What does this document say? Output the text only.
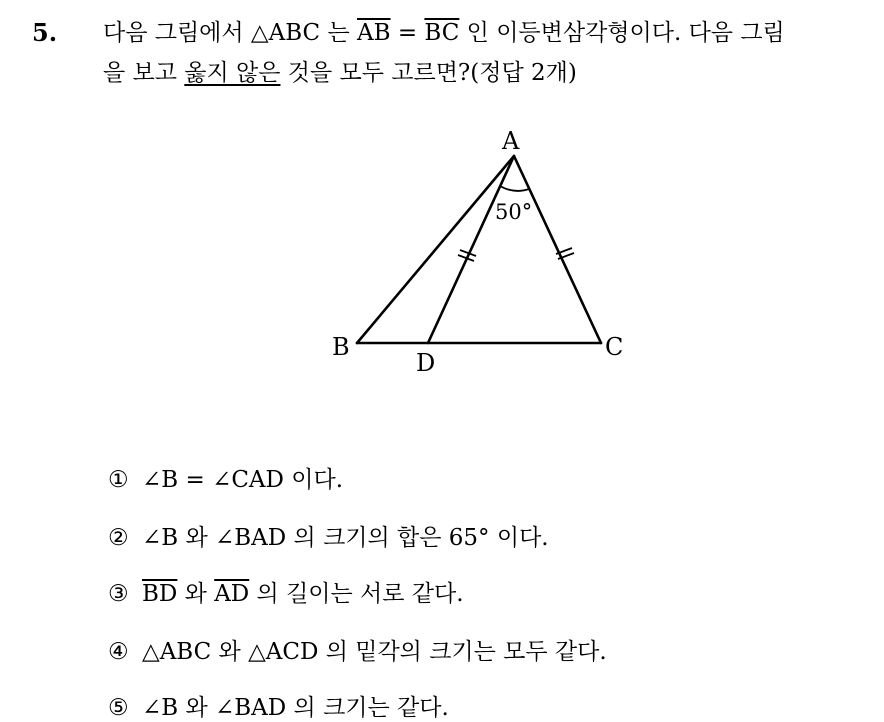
5. 다음 그림에서 △ABC 는 $\overline{AB} = \overline{BC}$ 인 이등변삼각형이다. 다음 그림
을 보고 옳지 않은 것을 모두 고르면?(정답 2개)
A
B	C
D
50°
① ∠B = ∠CAD 이다.
② ∠B 와 ∠BAD 의 크기의 합은 65° 이다.
③ $\overline{BD}$ 와 $\overline{AD}$ 의 길이는 서로 같다.
④ △ABC 와 △ACD 의 밑각의 크기는 모두 같다.
⑤ ∠B 와 ∠BAD 의 크기는 같다.
